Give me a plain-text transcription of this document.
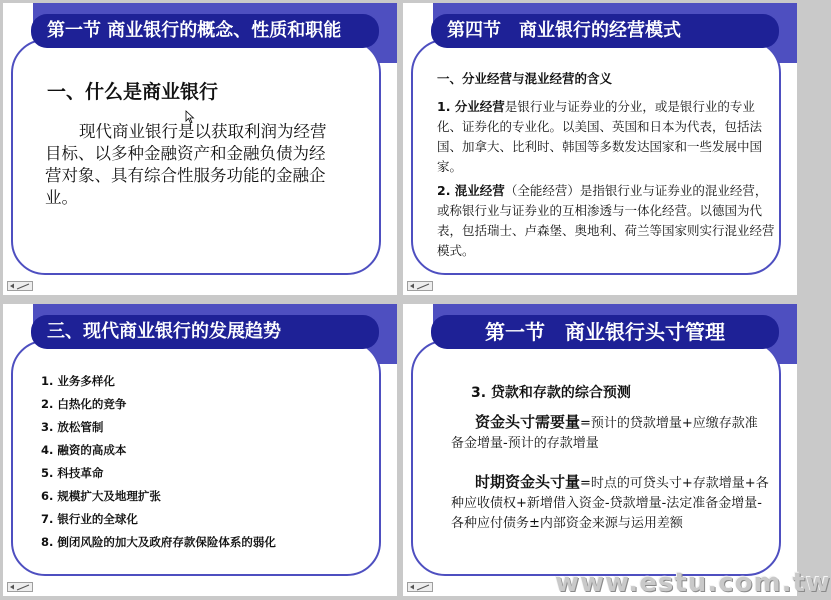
第一节 商业银行的概念、性质和职能
一、什么是商业银行
现代商业银行是以获取利润为经营目标、以多种金融资产和金融负债为经营对象、具有综合性服务功能的金融企业。
第四节　商业银行的经营模式
一、分业经营与混业经营的含义
1. 分业经营是银行业与证券业的分业，或是银行业的专业化、证券化的专业化。以美国、英国和日本为代表，包括法国、加拿大、比利时、韩国等多数发达国家和一些发展中国家。
2. 混业经营（全能经营）是指银行业与证券业的混业经营，或称银行业与证券业的互相渗透与一体化经营。以德国为代表，包括瑞士、卢森堡、奥地利、荷兰等国家则实行混业经营模式。
三、现代商业银行的发展趋势
1. 业务多样化
2. 白热化的竞争
3. 放松管制
4. 融资的高成本
5. 科技革命
6. 规模扩大及地理扩张
7. 银行业的全球化
8. 倒闭风险的加大及政府存款保险体系的弱化
第一节　商业银行头寸管理
3. 贷款和存款的综合预测
资金头寸需要量=预计的贷款增量+应缴存款准备金增量-预计的存款增量
时期资金头寸量=时点的可贷头寸+存款增量+各种应收债权+新增借入资金-贷款增量-法定准备金增量-各种应付债务±内部资金来源与运用差额
www.estu.com.tw
